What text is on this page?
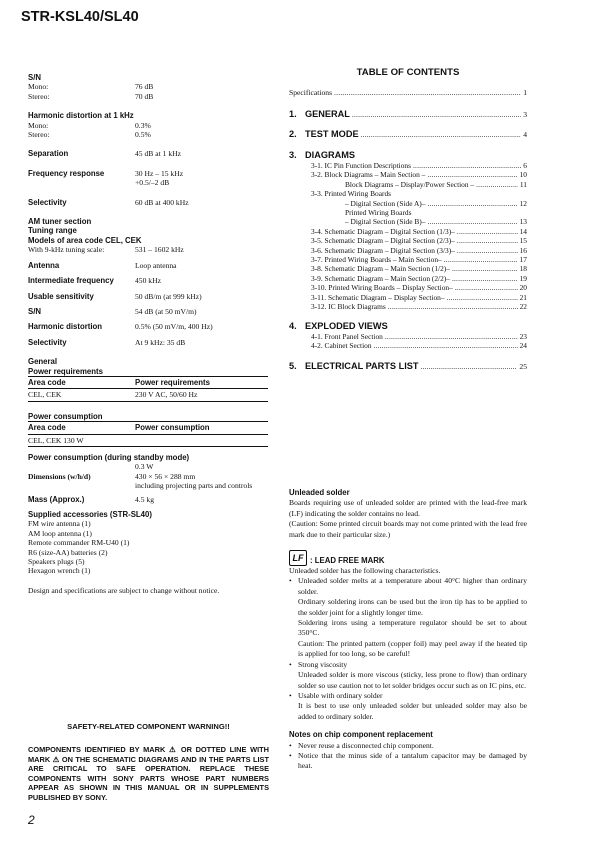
STR-KSL40/SL40
S/N
Mono:	76 dB
Stereo:	70 dB
Harmonic distortion at 1 kHz
Mono:	0.3%
Stereo:	0.5%
Separation	45 dB at 1 kHz
Frequency response	30 Hz – 15 kHz
+0.5/–2 dB
Selectivity	60 dB at 400 kHz
AM tuner section
Tuning range
Models of area code CEL, CEK
With 9-kHz tuning scale:	531 – 1602 kHz
Antenna	Loop antenna
Intermediate frequency	450 kHz
Usable sensitivity	50 dB/m (at 999 kHz)
S/N	54 dB (at 50 mV/m)
Harmonic distortion	0.5% (50 mV/m, 400 Hz)
Selectivity	At 9 kHz: 35 dB
General
Power requirements
Area code	Power requirements
CEL, CEK	230 V AC, 50/60 Hz
Power consumption
Area code	Power consumption
CEL, CEK 130 W
Power consumption (during standby mode)
0.3 W
Dimensions (w/h/d)	430 × 56 × 288 mm
including projecting parts and controls
Mass (Approx.)	4.5 kg
Supplied accessories (STR-SL40)
FM wire antenna (1)
AM loop antenna (1)
Remote commander RM-U40 (1)
R6 (size-AA) batteries (2)
Speakers plugs (5)
Hexagon wrench (1)
Design and specifications are subject to change without notice.
SAFETY-RELATED COMPONENT WARNING!!
COMPONENTS IDENTIFIED BY MARK ⚠ OR DOTTED LINE WITH MARK ⚠ ON THE SCHEMATIC DIAGRAMS AND IN THE PARTS LIST ARE CRITICAL TO SAFE OPERATION. REPLACE THESE COMPONENTS WITH SONY PARTS WHOSE PART NUMBERS APPEAR AS SHOWN IN THIS MANUAL OR IN SUPPLEMENTS PUBLISHED BY SONY.
2
TABLE OF CONTENTS
Specifications .....	1
1. GENERAL .....	3
2. TEST MODE .....	4
3. DIAGRAMS
3-1. IC Pin Function Descriptions .....	6
3-2. Block Diagrams – Main Section – .....	10
Block Diagrams – Display/Power Section – .....	11
3-3. Printed Wiring Boards
– Digital Section (Side A)– .....	12
Printed Wiring Boards
– Digital Section (Side B)– .....	13
3-4. Schematic Diagram – Digital Section (1/3)– .....	14
3-5. Schematic Diagram – Digital Section (2/3)– .....	15
3-6. Schematic Diagram – Digital Section (3/3)– .....	16
3-7. Printed Wiring Boards – Main Section– .....	17
3-8. Schematic Diagram – Main Section (1/2)– .....	18
3-9. Schematic Diagram – Main Section (2/2)– .....	19
3-10. Printed Wiring Boards – Display Section– .....	20
3-11. Schematic Diagram – Display Section– .....	21
3-12. IC Block Diagrams .....	22
4. EXPLODED VIEWS
4-1. Front Panel Section .....	23
4-2. Cabinet Section .....	24
5. ELECTRICAL PARTS LIST .....	25
Unleaded solder
Boards requiring use of unleaded solder are printed with the lead-free mark (LF) indicating the solder contains no lead.
(Caution: Some printed circuit boards may not come printed with the lead free mark due to their particular size.)
LF : LEAD FREE MARK
Unleaded solder has the following characteristics.
• Unleaded solder melts at a temperature about 40°C higher than ordinary solder.
Ordinary soldering irons can be used but the iron tip has to be applied to the solder joint for a slightly longer time.
Soldering irons using a temperature regulator should be set to about 350°C.
Caution: The printed pattern (copper foil) may peel away if the heated tip is applied for too long, so be careful!
• Strong viscosity
Unleaded solder is more viscous (sticky, less prone to flow) than ordinary solder so use caution not to let solder bridges occur such as on IC pins, etc.
• Usable with ordinary solder
It is best to use only unleaded solder but unleaded solder may also be added to ordinary solder.
Notes on chip component replacement
• Never reuse a disconnected chip component.
• Notice that the minus side of a tantalum capacitor may be damaged by heat.
